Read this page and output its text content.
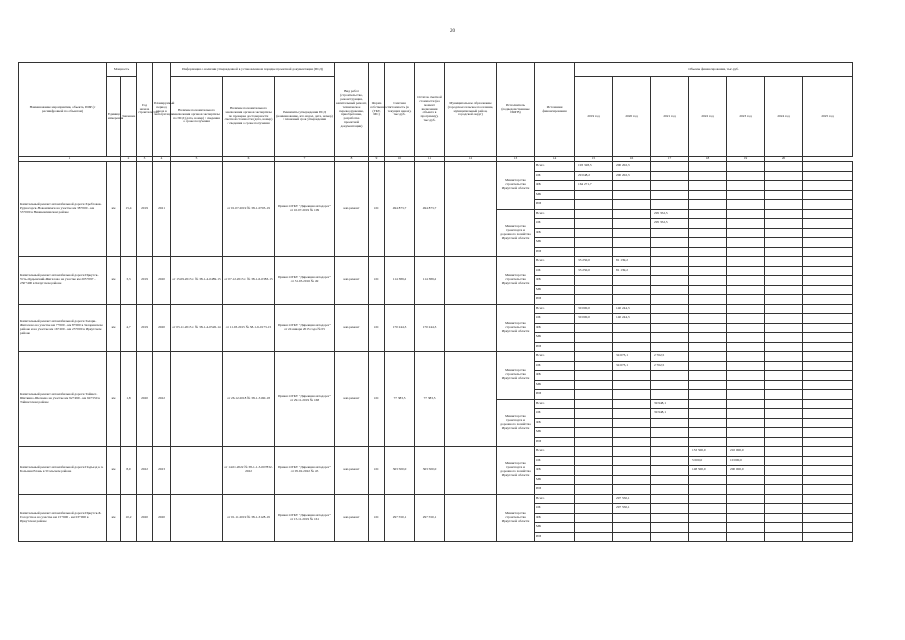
20
Наименование мероприятия, объекта, ПИР (с расшифровкой по объектам)	Мощность		Год начала строительства	Планируемый период ввода в эксплуатацию	Информация о наличии утвержденной в установленном порядке проектной документации (ПСД)			Вид работ (строительство, реконструкция, капитальный ремонт, техническое перевооружение, приобретение, разработка проектной документации)	Форма собственности (ГКУ, МС)	Сметная стоимость (в текущих ценах), тыс.руб.	Остаток сметной стоимости (на момент включения объекта в программу), тыс.руб.	Муниципальное образование (городское/сельское поселение, муниципальный район, городской округ)	Исполнитель (подведомственные ИОГВ)	Источники финансирования	Объемы финансирования, тыс.руб.						
	Единица измерения	Значение			Наличие положительного заключения органов экспертизы по ПСД (дата, номер) / сведения о сроке получения	Наличие положительного заключения органов экспертизы по проверке достоверности сметной стоимости (дата, номер) / сведения о сроке получения	Реквизиты утверждения ПСД (наименование, кто издал, дата, номер) / плановый срок утверждения								2019 год	2020 год	2021 год	2022 год	2023 год	2024 год	2025 год
1		2	3	4	5	6	7	8	9	10	11	12	13	14	15	16	17	18	19	20	
Капитальный ремонт автомобильной дороги Хребтовая-Рудногорск-Новоилимск на участке км 38+000 - км 53+000 в Нижнеилимском районе	км	15,4	2019	2021		от 01.07.2019 № 38-1-0703-19	Приказ ОГКУ "Дирекция автодорог" от 10.07.2019 № 109	кап.ремонт	ОС	494 873,7	494 873,7		Министерство строительства Иркутской области	Всего	193 328,5	200 202,3					
														ОБ	29 048,2	200 202,3					
														ФБ	164 271,7						
														МБ							
														ИИ							
													Министерство транспорта и дорожного хозяйства Иркутской области	Всего			295 352,5				
														ОБ			295 352,5				
														ФБ							
														МБ							
														ИИ							
Капитальный ремонт автомобильной дороги Иркутск-Усть-Ордынский-Жигалово на участке км 205+097 - 230+400 в Качугском районе	км	3,3	2019	2020	от 15.09.2015 г. № 38-1-4-0489-15	от 07.12.2015 г. № 38-1-6-0383-15	Приказ ОГКУ "Дирекция автодорог" от 31.03.2016 № 49	кап.ремонт	ОС	114 389,2	114 389,2		Министерство строительства Иркутской области	Всего	33 250,0	81 139,2					
														ОБ	33 250,0	81 139,2					
														ФБ							
														МБ							
														ИИ							
Капитальный ремонт автомобильной дороги Залари-Жигалово на участке км 7+000 - км 8+000 в Заларинском районе и на участке км 16+200 - км 23+000 в Иркутском районе	км	4,7	2019	2020	от 05.11.2015 г. № 38-1-4-0526-14	от 11.03.2015 № 38-1-6-0173-15	Приказ ОГКУ "Дирекция автодорог" от 24 января 2015 года № 05	кап.ремонт	ОС	170 244,3	170 244,3		Министерство строительства Иркутской области	Всего	30 000,0	140 244,3					
														ОБ	30 000,0	140 244,3					
														ФБ							
														МБ							
														ИИ							
Капитальный ремонт автомобильной дороги Тайшет-Шиткино-Шелаево на участке км 92+499 - км 94+550 в Тайшетском районе	км	1,8	2020	2022		от 26.12.2018 № 38-1-3160-18	Приказ ОГКУ "Дирекция автодорог" от 29.11.2019 № 168	кап.ремонт	ОС	77 383,5	77 383,5		Министерство строительства Иркутской области	Всего		34 673,1	2 762,5				
														ОБ		34 673,1	2 762,5				
														ФБ							
														МБ							
														ИИ							
													Министерство транспорта и дорожного хозяйства Иркутской области	Всего			39 948,1				
														ОБ			39 948,1				
														ФБ							
														МБ							
														ИИ							
Капитальный ремонт автомобильной дороги Подъезд к п. Большая Елань в Усольском районе	км	8,0	2022	2023		от 14.01.2022 № 38-1-1-3-007832-2022	Приказ ОГКУ "Дирекция автодорог" от 05.02.2022 № 45	кап.ремонт	ОС	363 500,0	363 500,0		Министерство транспорта и дорожного хозяйства Иркутской области	Всего				153 500,0	210 000,0		
														ОБ				5 000,0	10 000,0		
														ФБ				148 500,0	200 000,0		
														МБ							
														ИИ							
Капитальный ремонт автомобильной дороги Иркутск-Б. Голоустное на участке км 15+600 - км 03+000 в Иркутском районе	км	10,2	2020	2020		от 01.11.2019 № 38-1-3128-19	Приказ ОГКУ "Дирекция автодорог" от 15.11.2019 № 161	кап.ремонт	ОС	297 550,1	297 550,1		Министерство строительства Иркутской области	Всего		297 550,1					
														ОБ		297 550,1					
														ФБ							
														МБ							
														ИИ							
